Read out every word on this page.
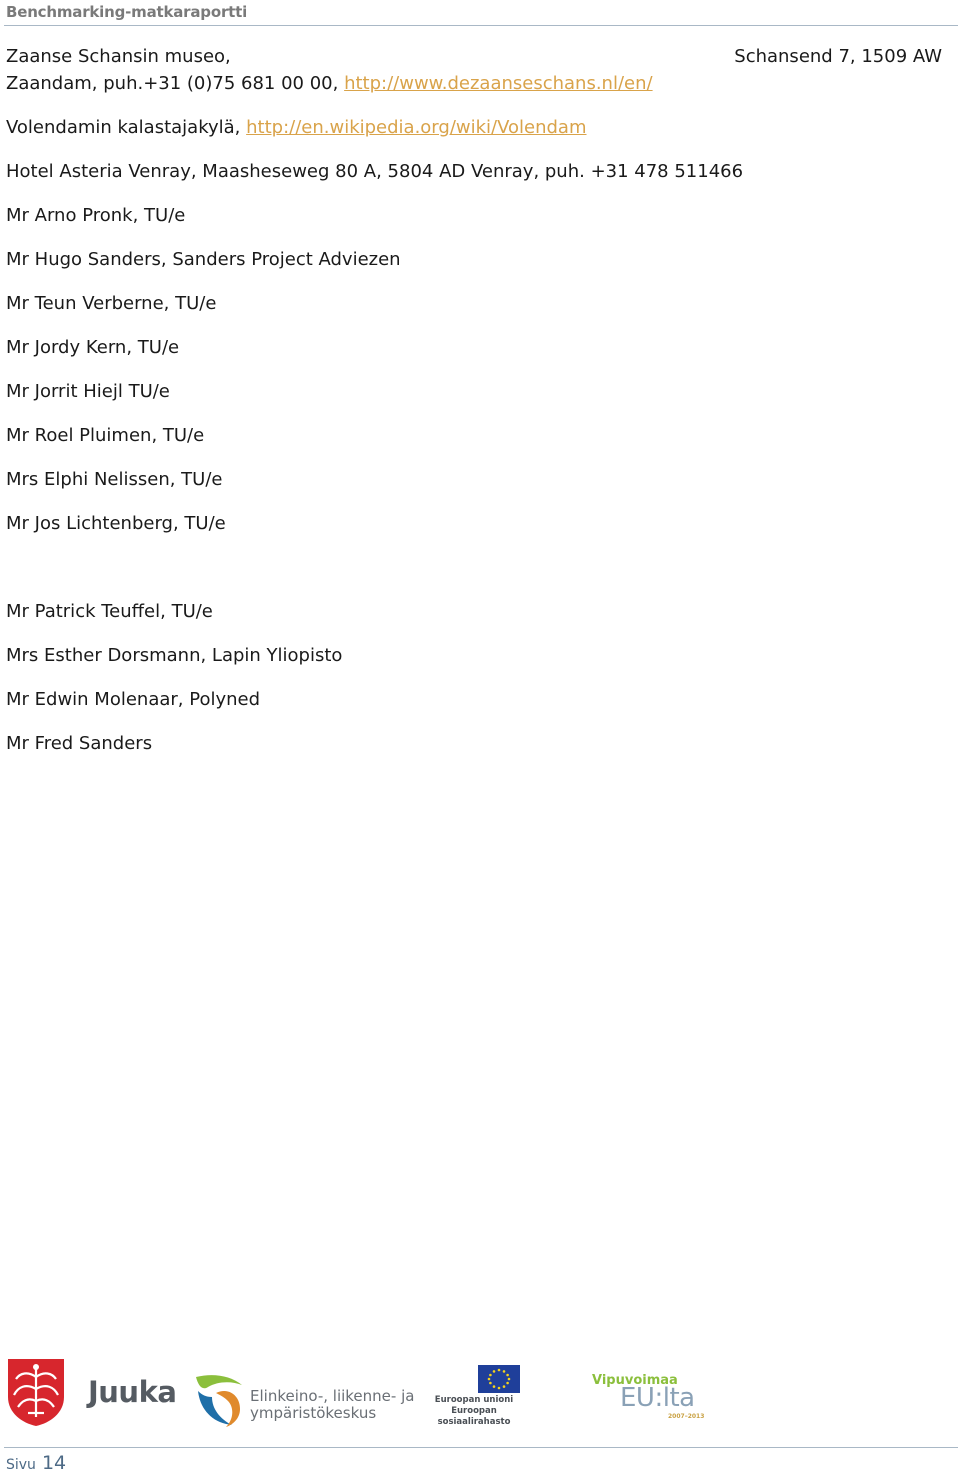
Benchmarking-matkaraportti
Zaanse Schansin museo,	Schansend 7, 1509 AW
Zaandam, puh.+31 (0)75 681 00 00, http://www.dezaanseschans.nl/en/
Volendamin kalastajakylä, http://en.wikipedia.org/wiki/Volendam
Hotel Asteria Venray, Maasheseweg 80 A, 5804 AD Venray, puh. +31 478 511466
Mr Arno Pronk, TU/e
Mr Hugo Sanders, Sanders Project Adviezen
Mr Teun Verberne, TU/e
Mr Jordy Kern, TU/e
Mr Jorrit Hiejl TU/e
Mr Roel Pluimen, TU/e
Mrs Elphi Nelissen, TU/e
Mr Jos Lichtenberg, TU/e
Mr Patrick Teuffel, TU/e
Mrs Esther Dorsmann, Lapin Yliopisto
Mr Edwin Molenaar, Polyned
Mr Fred Sanders
Juuka	Elinkeino-, liikenne- ja
ympäristökeskus
Euroopan unioni
Euroopan sosiaalirahasto
Vipuvoimaa
EU:lta
2007–2013
Sivu 14
